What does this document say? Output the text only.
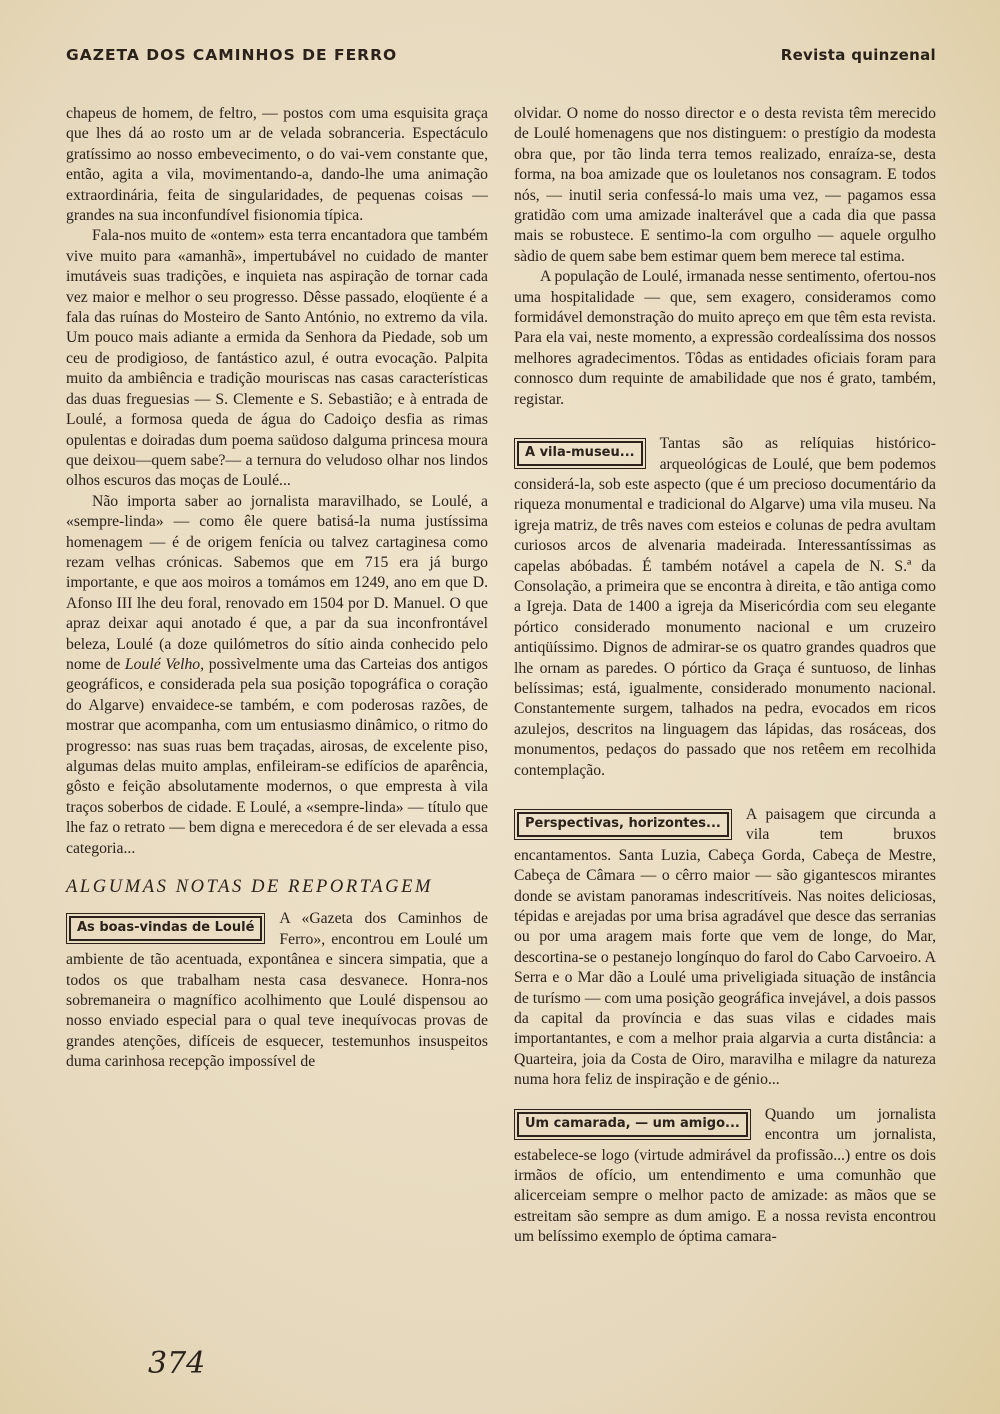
GAZETA DOS CAMINHOS DE FERRO	Revista quinzenal

chapeus de homem, de feltro, — postos com uma esquisita graça que lhes dá ao rosto um ar de velada sobranceria. Espectáculo gratíssimo ao nosso embevecimento, o do vai-vem constante que, então, agita a vila, movimentando-a, dando-lhe uma animação extraordinária, feita de singularidades, de pequenas coisas — grandes na sua inconfundível fisionomia típica.

Fala-nos muito de «ontem» esta terra encantadora que também vive muito para «amanhã», impertubável no cuidado de manter imutáveis suas tradições, e inquieta nas aspiração de tornar cada vez maior e melhor o seu progresso. Dêsse passado, eloqüente é a fala das ruínas do Mosteiro de Santo António, no extremo da vila. Um pouco mais adiante a ermida da Senhora da Piedade, sob um ceu de prodigioso, de fantástico azul, é outra evocação. Palpita muito da ambiência e tradição mouriscas nas casas características das duas freguesias — S. Clemente e S. Sebastião; e à entrada de Loulé, a formosa queda de água do Cadoiço desfia as rimas opulentas e doiradas dum poema saüdoso dalguma princesa moura que deixou—quem sabe?— a ternura do veludoso olhar nos lindos olhos escuros das moças de Loulé...

Não importa saber ao jornalista maravilhado, se Loulé, a «sempre-linda» — como êle quere batisá-la numa justíssima homenagem — é de origem fenícia ou talvez cartaginesa como rezam velhas crónicas. Sabemos que em 715 era já burgo importante, e que aos moiros a tomámos em 1249, ano em que D. Afonso III lhe deu foral, renovado em 1504 por D. Manuel. O que apraz deixar aqui anotado é que, a par da sua inconfrontável beleza, Loulé (a doze quilómetros do sítio ainda conhecido pelo nome de Loulé Velho, possìvelmente uma das Carteias dos antigos geográficos, e considerada pela sua posição topográfica o coração do Algarve) envaidece-se também, e com poderosas razões, de mostrar que acompanha, com um entusiasmo dinâmico, o ritmo do progresso: nas suas ruas bem traçadas, airosas, de excelente piso, algumas delas muito amplas, enfileiram-se edifícios de aparência, gôsto e feição absolutamente modernos, o que empresta à vila traços soberbos de cidade. E Loulé, a «sempre-linda» — título que lhe faz o retrato — bem digna e merecedora é de ser elevada a essa categoria...

ALGUMAS NOTAS DE REPORTAGEM

As boas-vindas de Loulé
A «Gazeta dos Caminhos de Ferro», encontrou em Loulé um ambiente de tão acentuada, expontânea e sincera simpatia, que a todos os que trabalham nesta casa desvanece. Honra-nos sobremaneira o magnífico acolhimento que Loulé dispensou ao nosso enviado especial para o qual teve inequívocas provas de grandes atenções, difíceis de esquecer, testemunhos insuspeitos duma carinhosa recepção impossível de

olvidar. O nome do nosso director e o desta revista têm merecido de Loulé homenagens que nos distinguem: o prestígio da modesta obra que, por tão linda terra temos realizado, enraíza-se, desta forma, na boa amizade que os louletanos nos consagram. E todos nós, — inutil seria confessá-lo mais uma vez, — pagamos essa gratidão com uma amizade inalterável que a cada dia que passa mais se robustece. E sentimo-la com orgulho — aquele orgulho sàdio de quem sabe bem estimar quem bem merece tal estima.

A população de Loulé, irmanada nesse sentimento, ofertou-nos uma hospitalidade — que, sem exagero, consideramos como formidável demonstração do muito apreço em que têm esta revista. Para ela vai, neste momento, a expressão cordealíssima dos nossos melhores agradecimentos. Tôdas as entidades oficiais foram para connosco dum requinte de amabilidade que nos é grato, também, registar.

A vila-museu...
Tantas são as relíquias histórico-arqueológicas de Loulé, que bem podemos considerá-la, sob este aspecto (que é um precioso documentário da riqueza monumental e tradicional do Algarve) uma vila museu. Na igreja matriz, de três naves com esteios e colunas de pedra avultam curiosos arcos de alvenaria madeirada. Interessantíssimas as capelas abóbadas. É também notável a capela de N. S.ª da Consolação, a primeira que se encontra à direita, e tão antiga como a Igreja. Data de 1400 a igreja da Misericórdia com seu elegante pórtico considerado monumento nacional e um cruzeiro antiqüíssimo. Dignos de admirar-se os quatro grandes quadros que lhe ornam as paredes. O pórtico da Graça é suntuoso, de linhas belíssimas; está, igualmente, considerado monumento nacional. Constantemente surgem, talhados na pedra, evocados em ricos azulejos, descritos na linguagem das lápidas, das rosáceas, dos monumentos, pedaços do passado que nos retêem em recolhida contemplação.

Perspectivas, horizontes...
A paisagem que circunda a vila tem bruxos encantamentos. Santa Luzia, Cabeça Gorda, Cabeça de Mestre, Cabeça de Câmara — o cêrro maior — são gigantescos mirantes donde se avistam panoramas indescritíveis. Nas noites deliciosas, tépidas e arejadas por uma brisa agradável que desce das serranias ou por uma aragem mais forte que vem de longe, do Mar, descortina-se o pestanejo longínquo do farol do Cabo Carvoeiro. A Serra e o Mar dão a Loulé uma priveligiada situação de instância de turísmo — com uma posição geográfica invejável, a dois passos da capital da província e das suas vilas e cidades mais importantantes, e com a melhor praia algarvia a curta distância: a Quarteira, joia da Costa de Oiro, maravilha e milagre da natureza numa hora feliz de inspiração e de génio...

Um camarada, — um amigo...
Quando um jornalista encontra um jornalista, estabelece-se logo (virtude admirável da profissão...) entre os dois irmãos de ofício, um entendimento e uma comunhão que alicerceiam sempre o melhor pacto de amizade: as mãos que se estreitam são sempre as dum amigo. E a nossa revista encontrou um belíssimo exemplo de óptima camara-

374
